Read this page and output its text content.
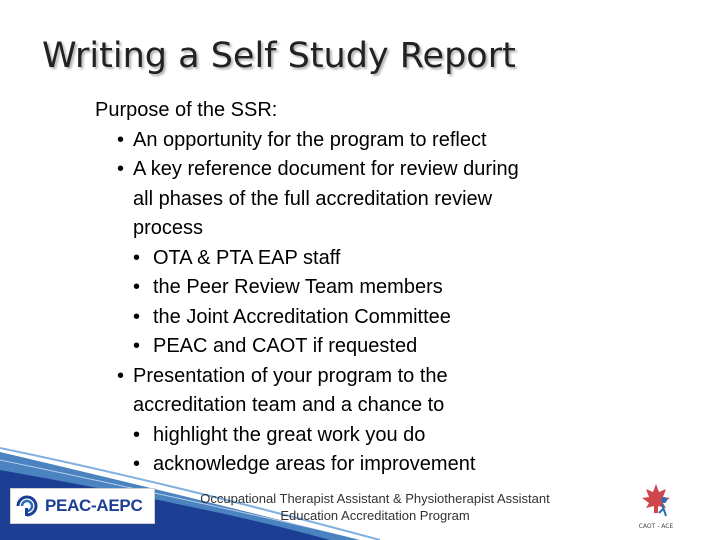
Writing a Self Study Report
Purpose of the SSR:
• An opportunity for the program to reflect
• A key reference document for review during
all phases of the full accreditation review
process
• OTA & PTA EAP staff
• the Peer Review Team members
• the Joint Accreditation Committee
• PEAC and CAOT if requested
• Presentation of your program to the
accreditation team and a chance to
• highlight the great work you do
• acknowledge areas for improvement
PEAC-AEPC	Occupational Therapist Assistant & Physiotherapist Assistant
Education Accreditation Program
CAOT - ACE
